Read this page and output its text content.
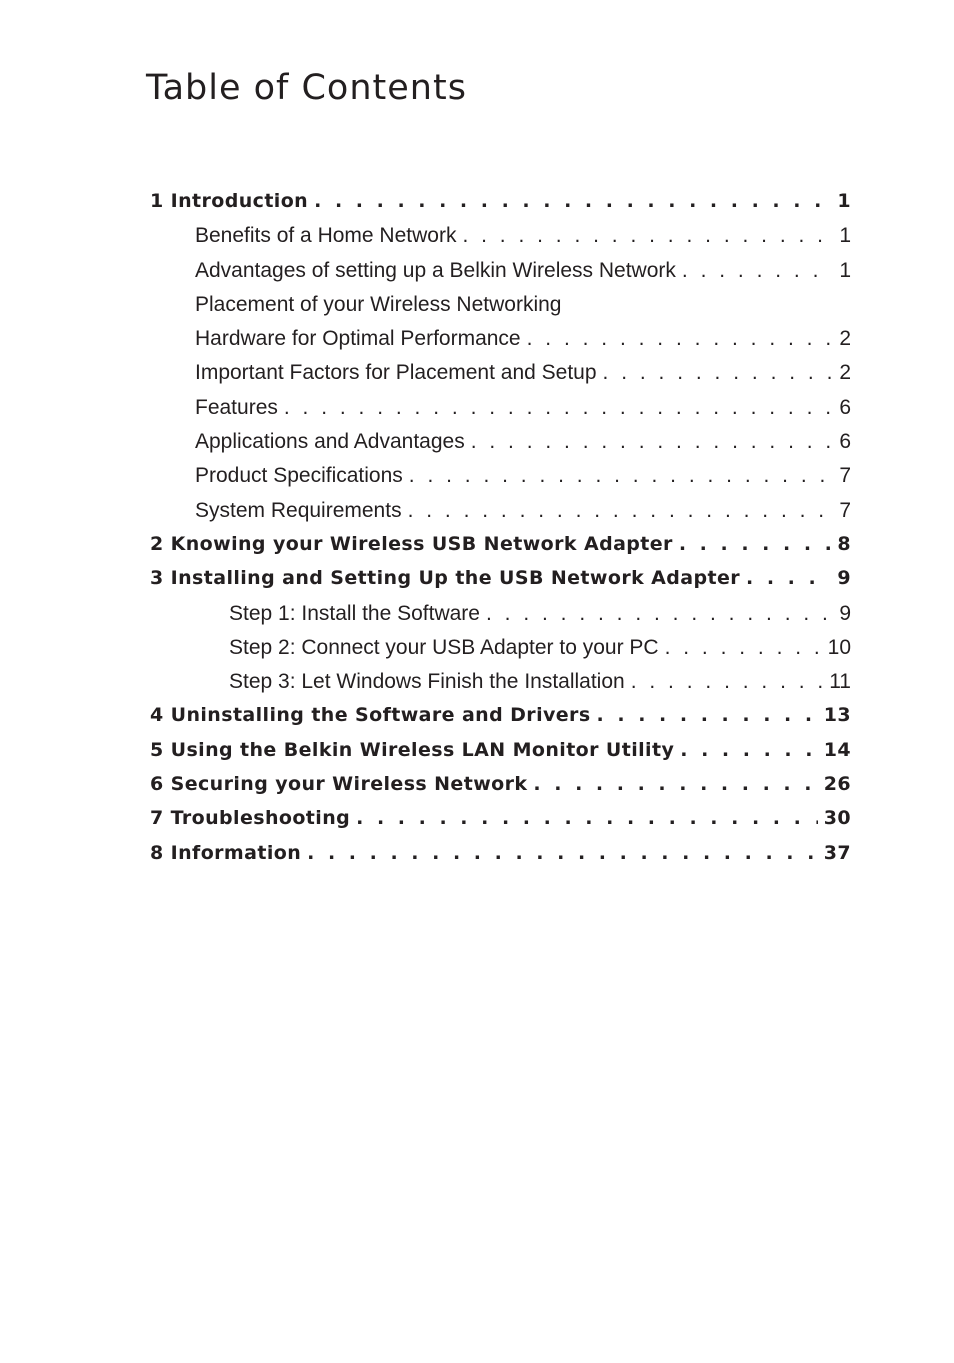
Table of Contents
1 Introduction . . .	1
Benefits of a Home Network . . .	1
Advantages of setting up a Belkin Wireless Network . . .	1
Placement of your Wireless Networking
Hardware for Optimal Performance . . .	2
Important Factors for Placement and Setup . . .	2
Features . . .	6
Applications and Advantages . . .	6
Product Specifications . . .	7
System Requirements . . .	7
2 Knowing your Wireless USB Network Adapter . . .	8
3 Installing and Setting Up the USB Network Adapter . . .	9
Step 1: Install the Software . . .	9
Step 2: Connect your USB Adapter to your PC . . .	10
Step 3: Let Windows Finish the Installation . . .	11
4 Uninstalling the Software and Drivers . . .	13
5 Using the Belkin Wireless LAN Monitor Utility . . .	14
6 Securing your Wireless Network . . .	26
7 Troubleshooting . . .	30
8 Information . . .	37
